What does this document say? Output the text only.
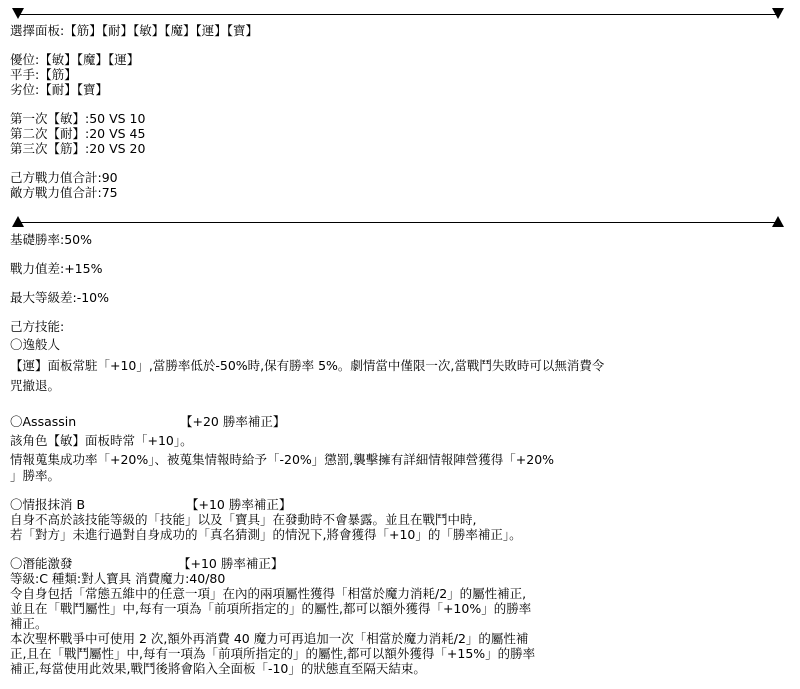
選擇面板:【筋】【耐】【敏】【魔】【運】【寶】
優位:【敏】【魔】【運】
平手:【筋】
劣位:【耐】【寶】
第一次【敏】:50 VS 10
第二次【耐】:20 VS 45
第三次【筋】:20 VS 20
己方戰力值合計:90
敵方戰力值合計:75
基礎勝率:50%
戰力值差:+15%
最大等級差:-10%
己方技能:
〇逸般人
【運】面板常駐「+10」,當勝率低於-50%時,保有勝率 5%。劇情當中僅限一次,當戰鬥失敗時可以無消費令
咒撤退。
〇Assassin	【+20 勝率補正】
該角色【敏】面板時常「+10」。
情報蒐集成功率「+20%」、被蒐集情報時給予「-20%」懲罰,襲擊擁有詳細情報陣營獲得「+20%
」勝率。
〇情报抹消 B	【+10 勝率補正】
自身不高於該技能等級的「技能」以及「寶具」在發動時不會暴露。並且在戰鬥中時,
若「對方」未進行過對自身成功的「真名猜測」的情況下,將會獲得「+10」的「勝率補正」。
〇潛能激發	【+10 勝率補正】
等級:C 種類:對人寶具 消費魔力:40/80
令自身包括「常態五維中的任意一項」在內的兩項屬性獲得「相當於魔力消耗/2」的屬性補正,
並且在「戰鬥屬性」中,每有一項為「前項所指定的」的屬性,都可以額外獲得「+10%」的勝率
補正。
本次聖杯戰爭中可使用 2 次,額外再消費 40 魔力可再追加一次「相當於魔力消耗/2」的屬性補
正,且在「戰鬥屬性」中,每有一項為「前項所指定的」的屬性,都可以額外獲得「+15%」的勝率
補正,每當使用此效果,戰鬥後將會陷入全面板「-10」的狀態直至隔天結束。
